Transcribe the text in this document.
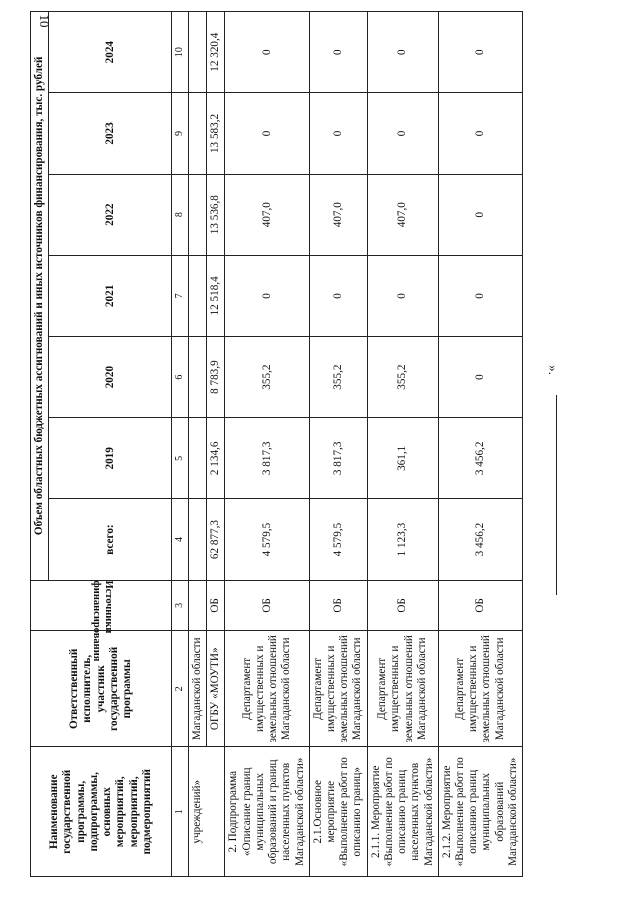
10
Наименование государственной программы, подпрограммы, основных мероприятий, мероприятий, подмероприятий	Ответственный исполнитель, участник государственной программы	Источники финансирования	Объем областных бюджетных ассигнований и иных источников финансирования, тыс. рублей						
			всего:	2019	2020	2021	2022	2023	2024
1	2	3	4	5	6	7	8	9	10
учреждений»	Магаданской области								
	ОГБУ «МОУТИ»	ОБ	62 877,3	2 134,6	8 783,9	12 518,4	13 536,8	13 583,2	12 320,4
2. Подпрограмма «Описание границ муниципальных образований и границ населенных пунктов Магаданской области»	Департамент имущественных и земельных отношений Магаданской области	ОБ	4 579,5	3 817,3	355,2	0	407,0	0	0
2.1.Основное мероприятие «Выполнение работ по описанию границ»	Департамент имущественных и земельных отношений Магаданской области	ОБ	4 579,5	3 817,3	355,2	0	407,0	0	0
2.1.1. Мероприятие «Выполнение работ по описанию границ населенных пунктов Магаданской области»	Департамент имущественных и земельных отношений Магаданской области	ОБ	1 123,3	361,1	355,2	0	407,0	0	0
2.1.2. Мероприятие «Выполнение работ по описанию границ муниципальных образований Магаданской области»	Департамент имущественных и земельных отношений Магаданской области	ОБ	3 456,2	3 456,2	0	0	0	0	0
».
